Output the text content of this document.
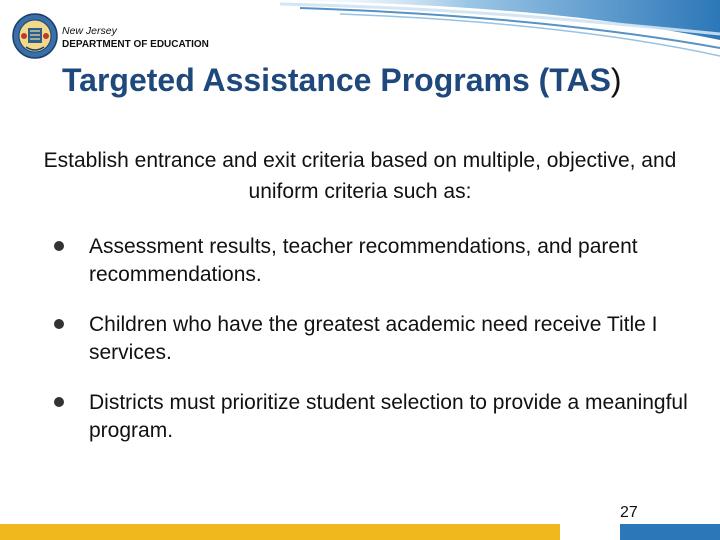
New Jersey
DEPARTMENT OF EDUCATION
Targeted Assistance Programs (TAS)
Establish entrance and exit criteria based on multiple, objective, and uniform criteria such as:
Assessment results, teacher recommendations, and parent recommendations.
Children who have the greatest academic need receive Title I services.
Districts must prioritize student selection to provide a meaningful program.
27
